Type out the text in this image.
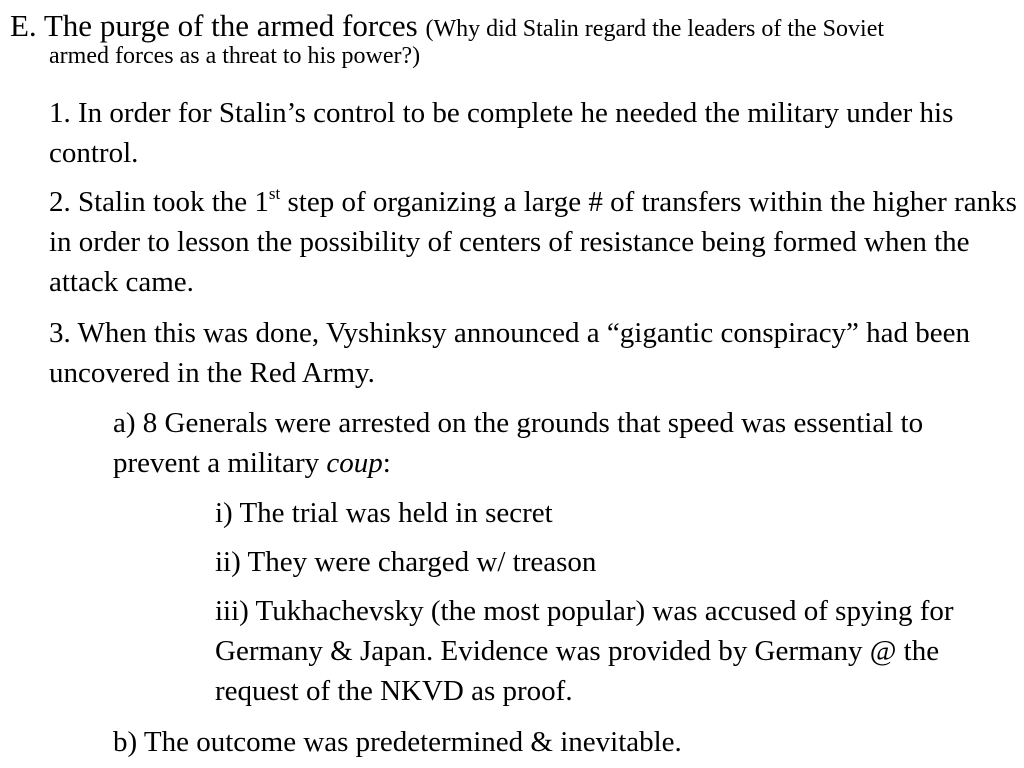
E. The purge of the armed forces (Why did Stalin regard the leaders of the Soviet
armed forces as a threat to his power?)
1. In order for Stalin’s control to be complete he needed the military under his control.
2. Stalin took the 1st step of organizing a large # of transfers within the higher ranks in order to lesson the possibility of centers of resistance being formed when the attack came.
3. When this was done, Vyshinksy announced a “gigantic conspiracy” had been uncovered in the Red Army.
a) 8 Generals were arrested on the grounds that speed was essential to prevent a military coup:
i) The trial was held in secret
ii) They were charged w/ treason
iii) Tukhachevsky (the most popular) was accused of spying for Germany & Japan. Evidence was provided by Germany @ the request of the NKVD as proof.
b) The outcome was predetermined & inevitable.
